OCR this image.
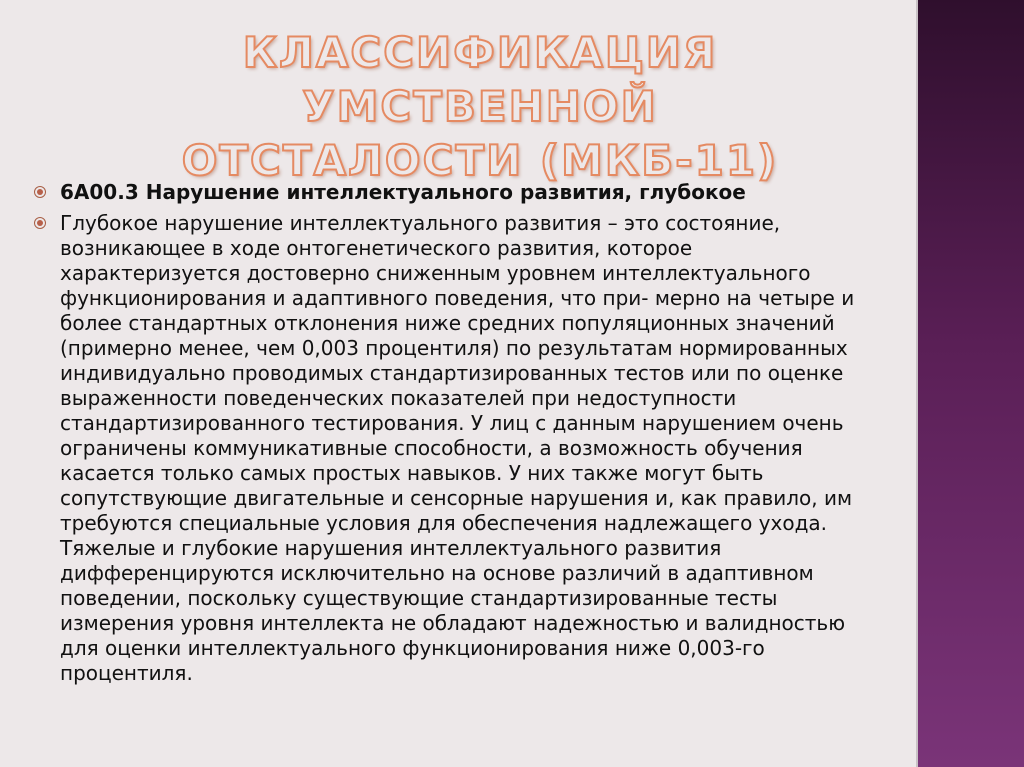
КЛАССИФИКАЦИЯ УМСТВЕННОЙ
ОТСТАЛОСТИ (МКБ-11)
6A00.3 Нарушение интеллектуального развития, глубокое
Глубокое нарушение интеллектуального развития – это состояние, возникающее в ходе онтогенетического развития, которое характеризуется достоверно сниженным уровнем интеллектуального функционирования и адаптивного поведения, что при- мерно на четыре и более стандартных отклонения ниже средних популяционных значений (примерно менее, чем 0,003 процентиля) по результатам нормированных индивидуально проводимых стандартизированных тестов или по оценке выраженности поведенческих показателей при недоступности стандартизированного тестирования. У лиц с данным нарушением очень ограничены коммуникативные способности, а возможность обучения касается только самых простых навыков. У них также могут быть сопутствующие двигательные и сенсорные нарушения и, как правило, им требуются специальные условия для обеспечения надлежащего ухода. Тяжелые и глубокие нарушения интеллектуального развития дифференцируются исключительно на основе различий в адаптивном поведении, поскольку существующие стандартизированные тесты измерения уровня интеллекта не обладают надежностью и валидностью для оценки интеллектуального функционирования ниже 0,003-го процентиля.
